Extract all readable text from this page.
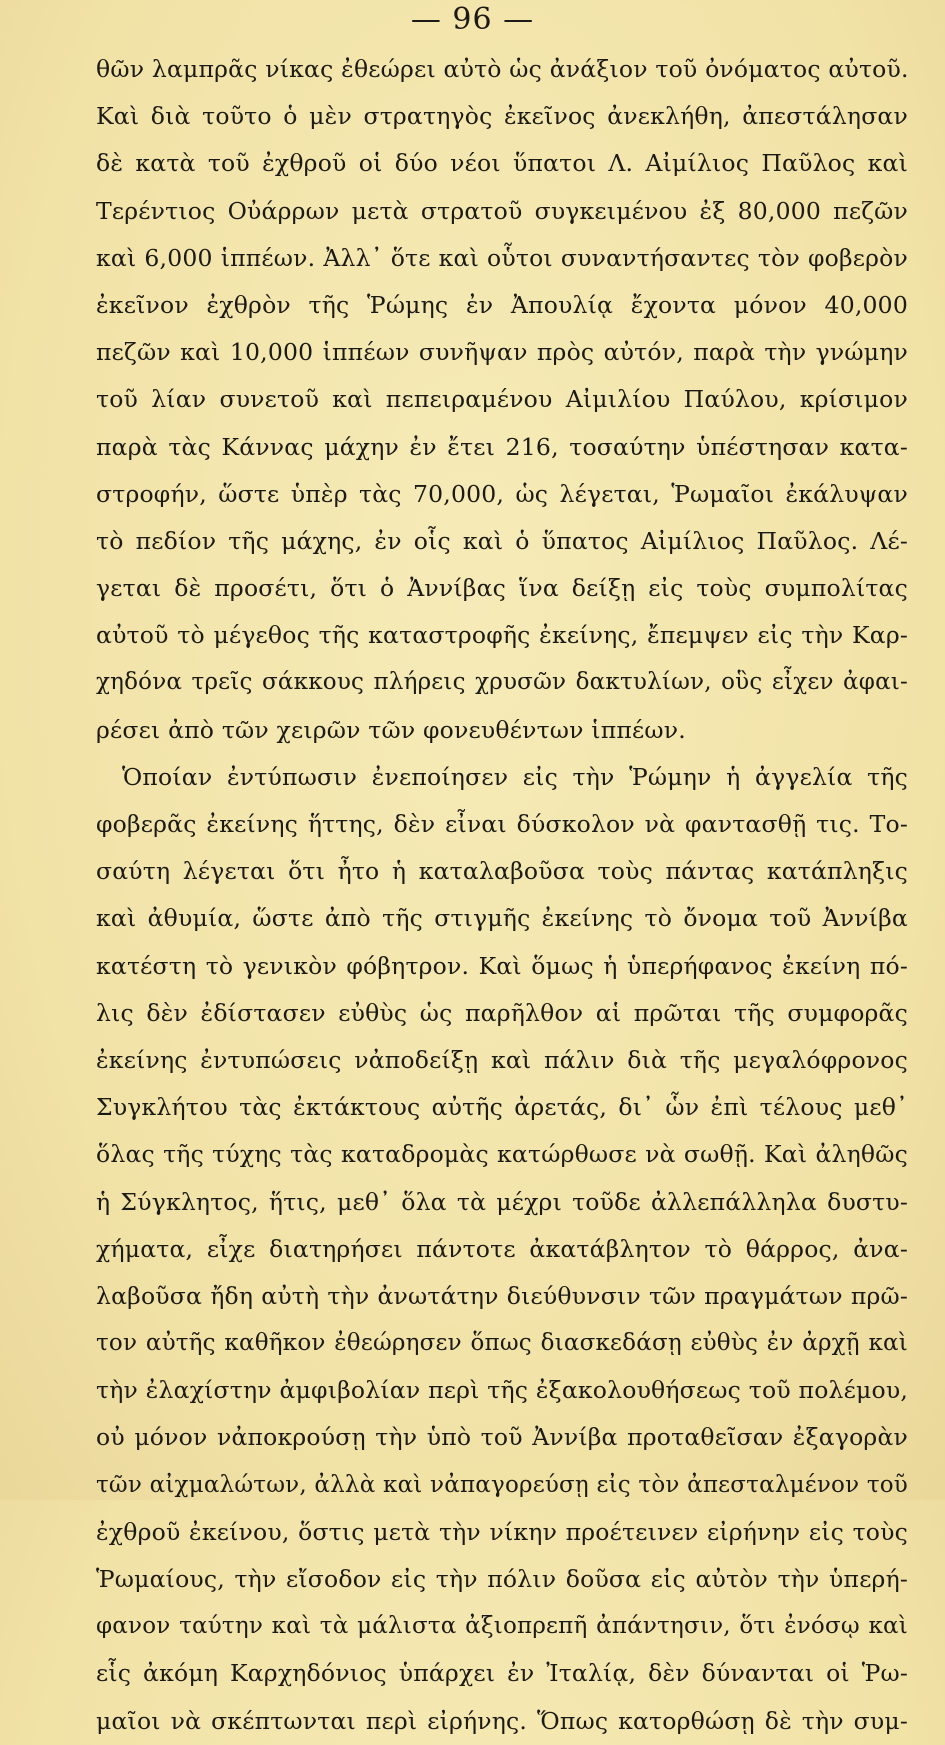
— 96 —
θῶν λαμπρᾶς νίκας ἐθεώρει αὐτὸ ὡς ἀνάξιον τοῦ ὀνόματος αὐτοῦ.
Καὶ διὰ τοῦτο ὁ μὲν στρατηγὸς ἐκεῖνος ἀνεκλήθη, ἀπεστάλησαν
δὲ κατὰ τοῦ ἐχθροῦ οἱ δύο νέοι ὕπατοι Λ. Αἰμίλιος Παῦλος καὶ
Τερέντιος Οὐάρρων μετὰ στρατοῦ συγκειμένου ἐξ 80,000 πεζῶν
καὶ 6,000 ἱππέων. Ἀλλ᾽ ὅτε καὶ οὗτοι συναντήσαντες τὸν φοβερὸν
ἐκεῖνον ἐχθρὸν τῆς Ῥώμης ἐν Ἀπουλίᾳ ἔχοντα μόνον 40,000
πεζῶν καὶ 10,000 ἱππέων συνῆψαν πρὸς αὐτόν, παρὰ τὴν γνώμην
τοῦ λίαν συνετοῦ καὶ πεπειραμένου Αἰμιλίου Παύλου, κρίσιμον
παρὰ τὰς Κάννας μάχην ἐν ἔτει 216, τοσαύτην ὑπέστησαν κατα-
στροφήν, ὥστε ὑπὲρ τὰς 70,000, ὡς λέγεται, Ῥωμαῖοι ἐκάλυψαν
τὸ πεδίον τῆς μάχης, ἐν οἷς καὶ ὁ ὕπατος Αἰμίλιος Παῦλος. Λέ-
γεται δὲ προσέτι, ὅτι ὁ Ἀννίβας ἵνα δείξῃ εἰς τοὺς συμπολίτας
αὐτοῦ τὸ μέγεθος τῆς καταστροφῆς ἐκείνης, ἔπεμψεν εἰς τὴν Καρ-
χηδόνα τρεῖς σάκκους πλήρεις χρυσῶν δακτυλίων, οὓς εἶχεν ἀφαι-
ρέσει ἀπὸ τῶν χειρῶν τῶν φονευθέντων ἱππέων.
Ὁποίαν ἐντύπωσιν ἐνεποίησεν εἰς τὴν Ῥώμην ἡ ἀγγελία τῆς
φοβερᾶς ἐκείνης ἥττης, δὲν εἶναι δύσκολον νὰ φαντασθῇ τις. Το-
σαύτη λέγεται ὅτι ἦτο ἡ καταλαβοῦσα τοὺς πάντας κατάπληξις
καὶ ἀθυμία, ὥστε ἀπὸ τῆς στιγμῆς ἐκείνης τὸ ὄνομα τοῦ Ἀννίβα
κατέστη τὸ γενικὸν φόβητρον. Καὶ ὅμως ἡ ὑπερήφανος ἐκείνη πό-
λις δὲν ἐδίστασεν εὐθὺς ὡς παρῆλθον αἱ πρῶται τῆς συμφορᾶς
ἐκείνης ἐντυπώσεις νἀποδείξῃ καὶ πάλιν διὰ τῆς μεγαλόφρονος
Συγκλήτου τὰς ἐκτάκτους αὐτῆς ἀρετάς, δι᾽ ὧν ἐπὶ τέλους μεθ᾽
ὅλας τῆς τύχης τὰς καταδρομὰς κατώρθωσε νὰ σωθῇ. Καὶ ἀληθῶς
ἡ Σύγκλητος, ἥτις, μεθ᾽ ὅλα τὰ μέχρι τοῦδε ἀλλεπάλληλα δυστυ-
χήματα, εἶχε διατηρήσει πάντοτε ἀκατάβλητον τὸ θάρρος, ἀνα-
λαβοῦσα ἤδη αὐτὴ τὴν ἀνωτάτην διεύθυνσιν τῶν πραγμάτων πρῶ-
τον αὐτῆς καθῆκον ἐθεώρησεν ὅπως διασκεδάσῃ εὐθὺς ἐν ἀρχῇ καὶ
τὴν ἐλαχίστην ἀμφιβολίαν περὶ τῆς ἐξακολουθήσεως τοῦ πολέμου,
οὐ μόνον νἀποκρούσῃ τὴν ὑπὸ τοῦ Ἀννίβα προταθεῖσαν ἐξαγορὰν
τῶν αἰχμαλώτων, ἀλλὰ καὶ νἀπαγορεύσῃ εἰς τὸν ἀπεσταλμένον τοῦ
ἐχθροῦ ἐκείνου, ὅστις μετὰ τὴν νίκην προέτεινεν εἰρήνην εἰς τοὺς
Ῥωμαίους, τὴν εἴσοδον εἰς τὴν πόλιν δοῦσα εἰς αὐτὸν τὴν ὑπερή-
φανον ταύτην καὶ τὰ μάλιστα ἀξιοπρεπῆ ἀπάντησιν, ὅτι ἐνόσῳ καὶ
εἷς ἀκόμη Καρχηδόνιος ὑπάρχει ἐν Ἰταλίᾳ, δὲν δύνανται οἱ Ῥω-
μαῖοι νὰ σκέπτωνται περὶ εἰρήνης. Ὅπως κατορθώσῃ δὲ τὴν συμ-
